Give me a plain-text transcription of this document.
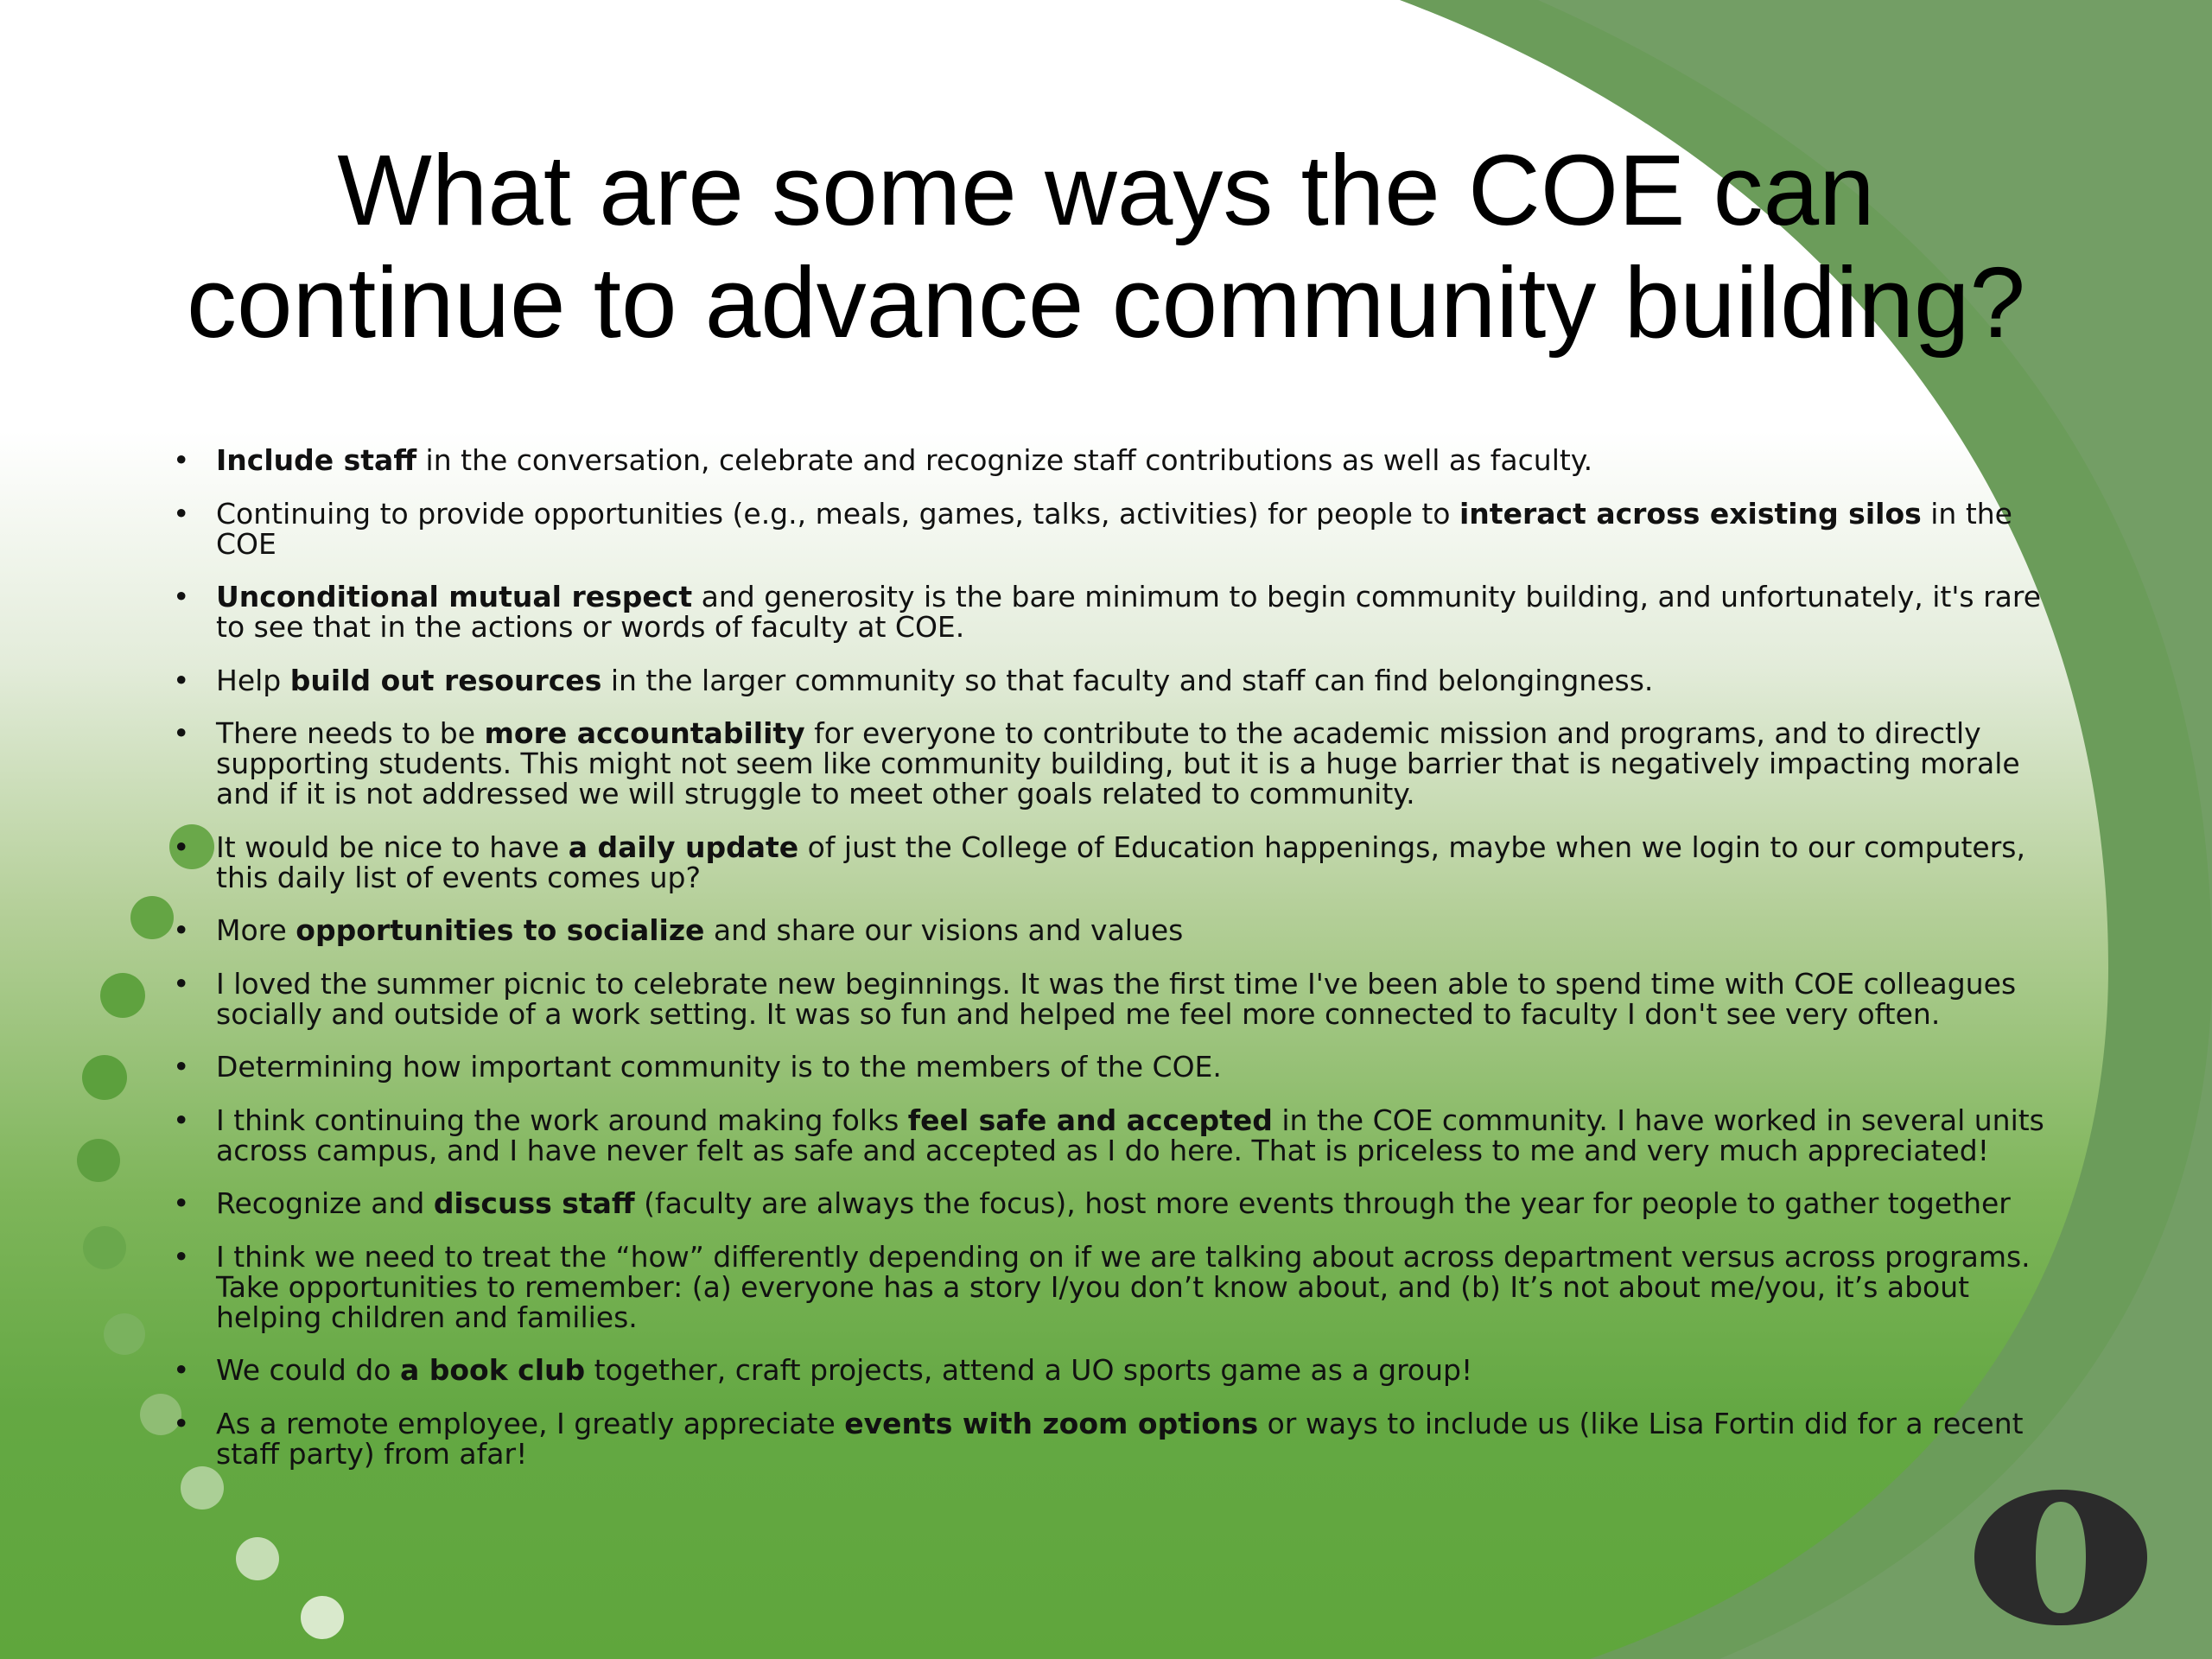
What are some ways the COE can
continue to advance community building?
• Include staff in the conversation, celebrate and recognize staff contributions as well as faculty.
• Continuing to provide opportunities (e.g., meals, games, talks, activities) for people to interact across existing silos in the COE
• Unconditional mutual respect and generosity is the bare minimum to begin community building, and unfortunately, it's rare to see that in the actions or words of faculty at COE.
• Help build out resources in the larger community so that faculty and staff can find belongingness.
• There needs to be more accountability for everyone to contribute to the academic mission and programs, and to directly supporting students. This might not seem like community building, but it is a huge barrier that is negatively impacting morale and if it is not addressed we will struggle to meet other goals related to community.
• It would be nice to have a daily update of just the College of Education happenings, maybe when we login to our computers, this daily list of events comes up?
• More opportunities to socialize and share our visions and values
• I loved the summer picnic to celebrate new beginnings. It was the first time I've been able to spend time with COE colleagues socially and outside of a work setting. It was so fun and helped me feel more connected to faculty I don't see very often.
• Determining how important community is to the members of the COE.
• I think continuing the work around making folks feel safe and accepted in the COE community. I have worked in several units across campus, and I have never felt as safe and accepted as I do here. That is priceless to me and very much appreciated!
• Recognize and discuss staff (faculty are always the focus), host more events through the year for people to gather together
• I think we need to treat the “how” differently depending on if we are talking about across department versus across programs. Take opportunities to remember: (a) everyone has a story I/you don’t know about, and (b) It’s not about me/you, it’s about helping children and families.
• We could do a book club together, craft projects, attend a UO sports game as a group!
• As a remote employee, I greatly appreciate events with zoom options or ways to include us (like Lisa Fortin did for a recent staff party) from afar!
